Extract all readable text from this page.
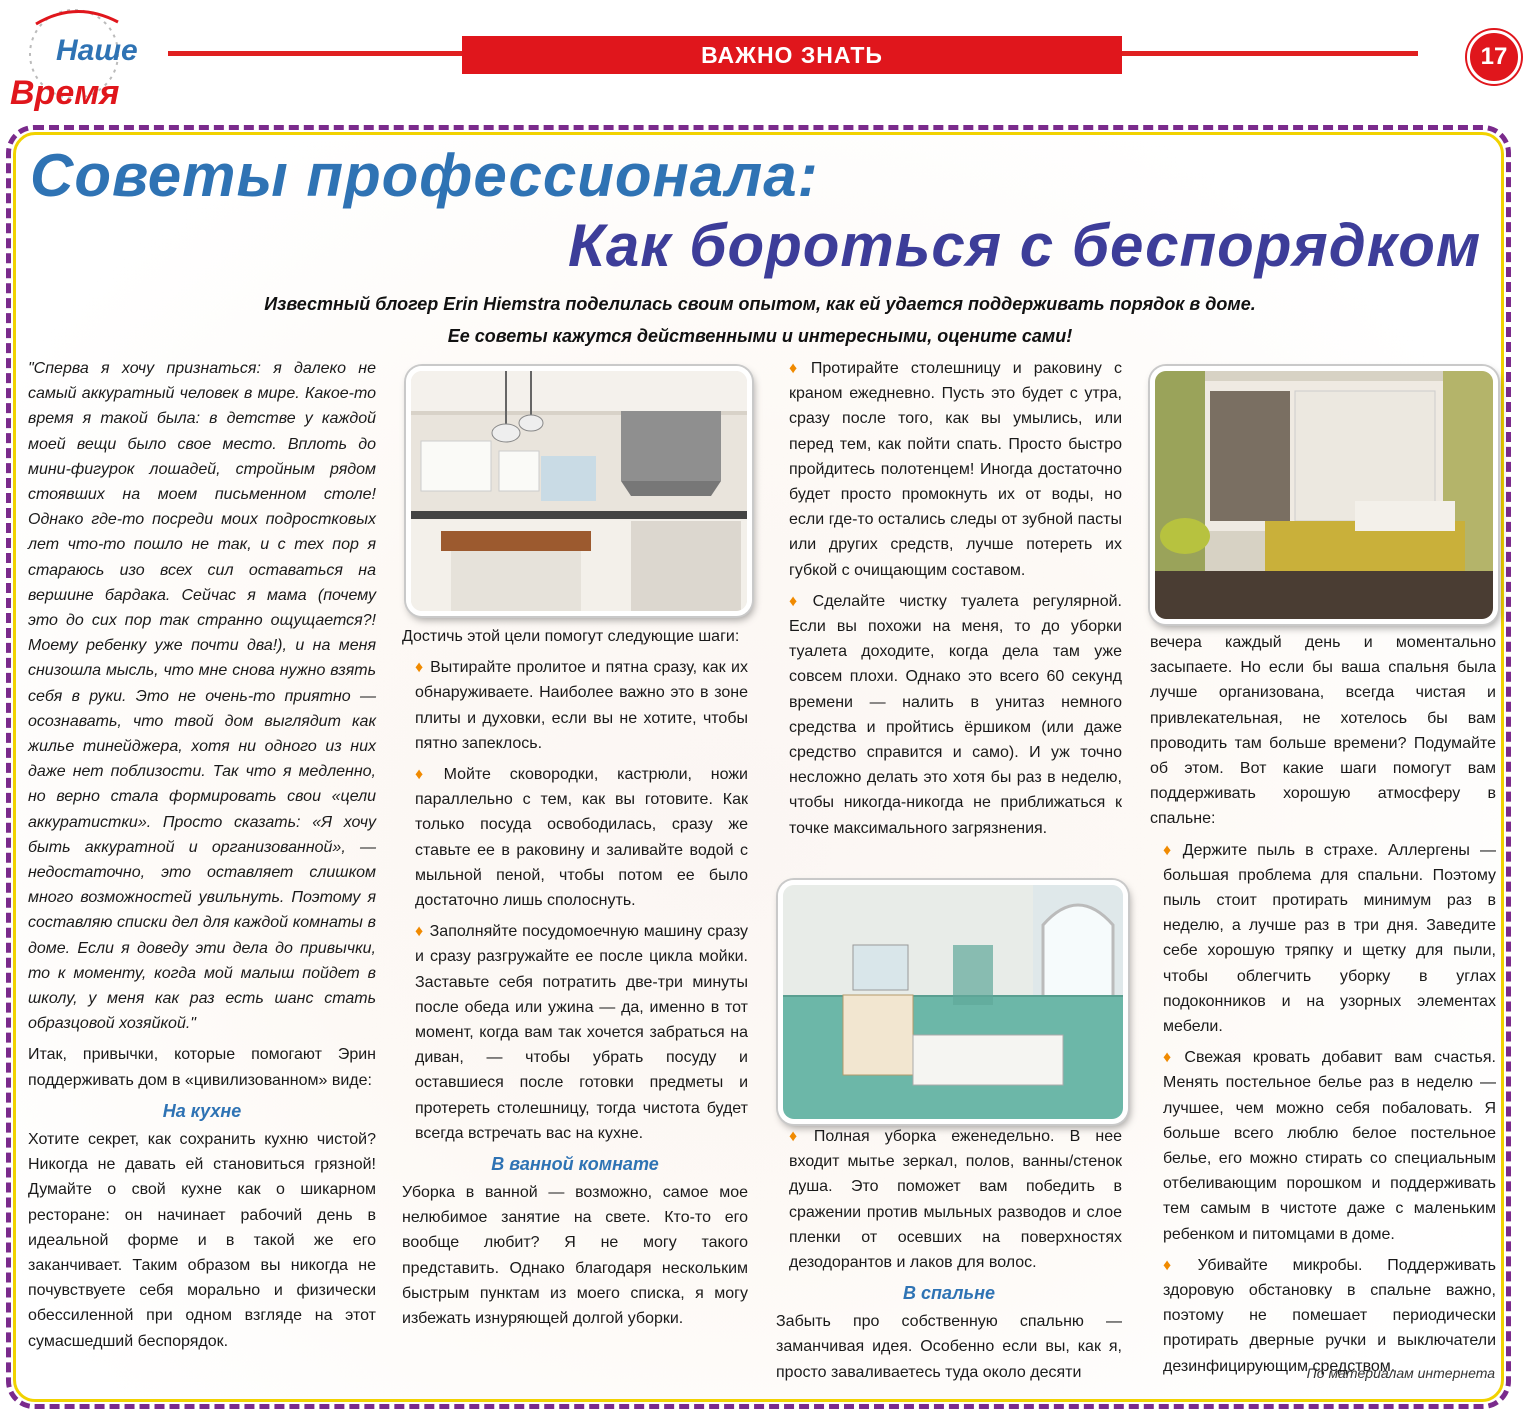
Наше
Время
ВАЖНО ЗНАТЬ	17
Советы профессионала:
Как бороться с беспорядком
Известный блогер Erin Hiemstra поделилась своим опытом, как ей удается поддерживать порядок в доме.
Ее советы кажутся действенными и интересными, оцените сами!

"Сперва я хочу признаться: я далеко не самый аккуратный человек в мире. Какое-то время я такой была: в детстве у каждой моей вещи было свое место. Вплоть до мини-фигурок лошадей, стройным рядом стоявших на моем письменном столе! Однако где-то посреди моих подростковых лет что-то пошло не так, и с тех пор я стараюсь изо всех сил оставаться на вершине бардака. Сейчас я мама (почему это до сих пор так странно ощущается?! Моему ребенку уже почти два!), и на меня снизошла мысль, что мне снова нужно взять себя в руки. Это не очень-то приятно — осознавать, что твой дом выглядит как жилье тинейджера, хотя ни одного из них даже нет поблизости. Так что я медленно, но верно стала формировать свои «цели аккуратистки». Просто сказать: «Я хочу быть аккуратной и организованной», — недостаточно, это оставляет слишком много возможностей увильнуть. Поэтому я составляю списки дел для каждой комнаты в доме. Если я доведу эти дела до привычки, то к моменту, когда мой малыш пойдет в школу, у меня как раз есть шанс стать образцовой хозяйкой."

Итак, привычки, которые помогают Эрин поддерживать дом в «цивилизованном» виде:

На кухне

Хотите секрет, как сохранить кухню чистой? Никогда не давать ей становиться грязной! Думайте о свой кухне как о шикарном ресторане: он начинает рабочий день в идеальной форме и в такой же его заканчивает. Таким образом вы никогда не почувствуете себя морально и физически обессиленной при одном взгляде на этот сумасшедший беспорядок.

Достичь этой цели помогут следующие шаги:

♦ Вытирайте пролитое и пятна сразу, как их обнаруживаете. Наиболее важно это в зоне плиты и духовки, если вы не хотите, чтобы пятно запеклось.

♦ Мойте сковородки, кастрюли, ножи параллельно с тем, как вы готовите. Как только посуда освободилась, сразу же ставьте ее в раковину и заливайте водой с мыльной пеной, чтобы потом ее было достаточно лишь сполоснуть.

♦ Заполняйте посудомоечную машину сразу и сразу разгружайте ее после цикла мойки. Заставьте себя потратить две-три минуты после обеда или ужина — да, именно в тот момент, когда вам так хочется забраться на диван, — чтобы убрать посуду и оставшиеся после готовки предметы и протереть столешницу, тогда чистота будет всегда встречать вас на кухне.

В ванной комнате

Уборка в ванной — возможно, самое мое нелюбимое занятие на свете. Кто-то его вообще любит? Я не могу такого представить. Однако благодаря нескольким быстрым пунктам из моего списка, я могу избежать изнуряющей долгой уборки.

♦ Протирайте столешницу и раковину с краном ежедневно. Пусть это будет с утра, сразу после того, как вы умылись, или перед тем, как пойти спать. Просто быстро пройдитесь полотенцем! Иногда достаточно будет просто промокнуть их от воды, но если где-то остались следы от зубной пасты или других средств, лучше потереть их губкой с очищающим составом.

♦ Сделайте чистку туалета регулярной. Если вы похожи на меня, то до уборки туалета доходите, когда дела там уже совсем плохи. Однако это всего 60 секунд времени — налить в унитаз немного средства и пройтись ёршиком (или даже средство справится и само). И уж точно несложно делать это хотя бы раз в неделю, чтобы никогда-никогда не приближаться к точке максимального загрязнения.

♦ Полная уборка еженедельно. В нее входит мытье зеркал, полов, ванны/стенок душа. Это поможет вам победить в сражении против мыльных разводов и слое пленки от осевших на поверхностях дезодорантов и лаков для волос.

В спальне

Забыть про собственную спальню — заманчивая идея. Особенно если вы, как я, просто заваливаетесь туда около десяти

вечера каждый день и моментально засыпаете. Но если бы ваша спальня была лучше организована, всегда чистая и привлекательная, не хотелось бы вам проводить там больше времени? Подумайте об этом. Вот какие шаги помогут вам поддерживать хорошую атмосферу в спальне:

♦ Держите пыль в страхе. Аллергены — большая проблема для спальни. Поэтому пыль стоит протирать минимум раз в неделю, а лучше раз в три дня. Заведите себе хорошую тряпку и щетку для пыли, чтобы облегчить уборку в углах подоконников и на узорных элементах мебели.

♦ Свежая кровать добавит вам счастья. Менять постельное белье раз в неделю — лучшее, чем можно себя побаловать. Я больше всего люблю белое постельное белье, его можно стирать со специальным отбеливающим порошком и поддерживать тем самым в чистоте даже с маленьким ребенком и питомцами в доме.

♦ Убивайте микробы. Поддерживать здоровую обстановку в спальне важно, поэтому не помешает периодически протирать дверные ручки и выключатели дезинфицирующим средством.

По материалам интернета
